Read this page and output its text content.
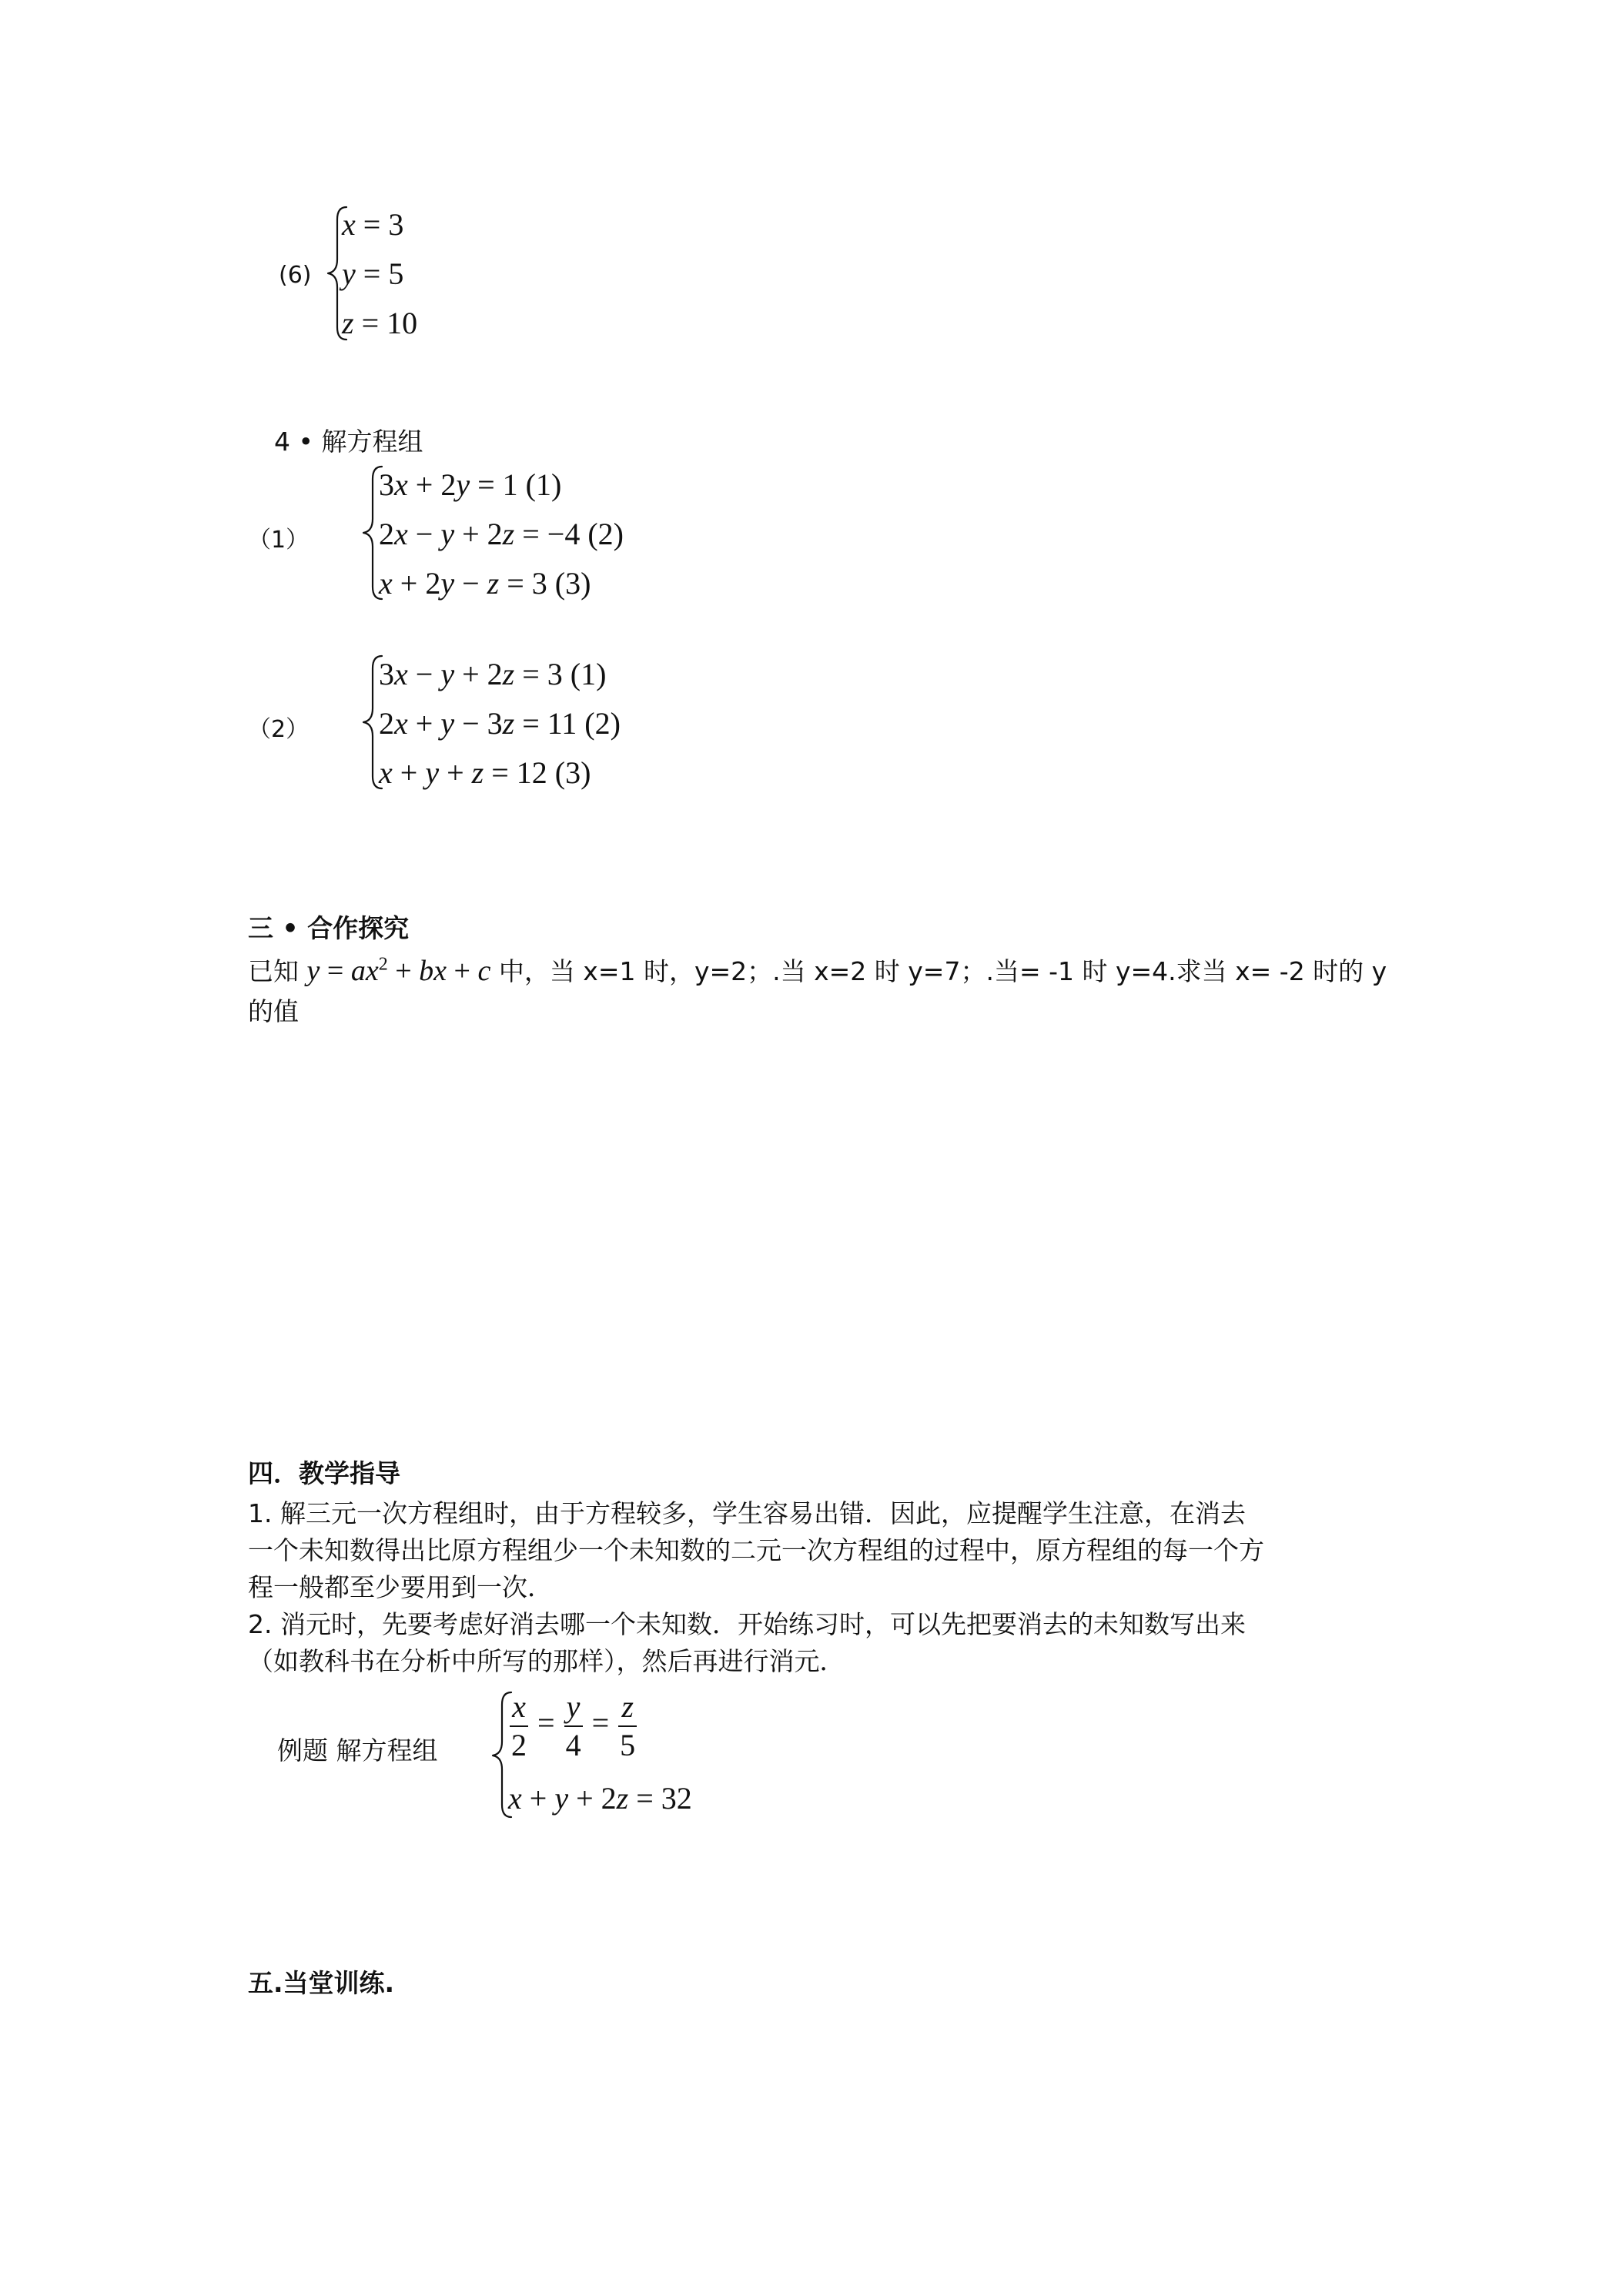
(6)
x = 3
y = 5
z = 10
4 • 解方程组
（1）
3x + 2y = 1 (1)
2x − y + 2z = −4 (2)
x + 2y − z = 3 (3)
（2）
3x − y + 2z = 3 (1)
2x + y − 3z = 11 (2)
x + y + z = 12 (3)
三 • 合作探究
已知 $y = ax^2$ + bx + c 中，当 x=1 时，y=2；.当 x=2 时 y=7；.当= -1 时 y=4.求当 x= -2 时的 y
的值
四．教学指导
1. 解三元一次方程组时，由于方程较多，学生容易出错．因此，应提醒学生注意，在消去
一个未知数得出比原方程组少一个未知数的二元一次方程组的过程中，原方程组的每一个方
程一般都至少要用到一次．
2. 消元时，先要考虑好消去哪一个未知数．开始练习时，可以先把要消去的未知数写出来
（如教科书在分析中所写的那样），然后再进行消元．
例题 解方程组 $\frac{x}{2} = \frac{y}{4} = \frac{z}{5}$
x + y + 2z = 32
五.当堂训练.
